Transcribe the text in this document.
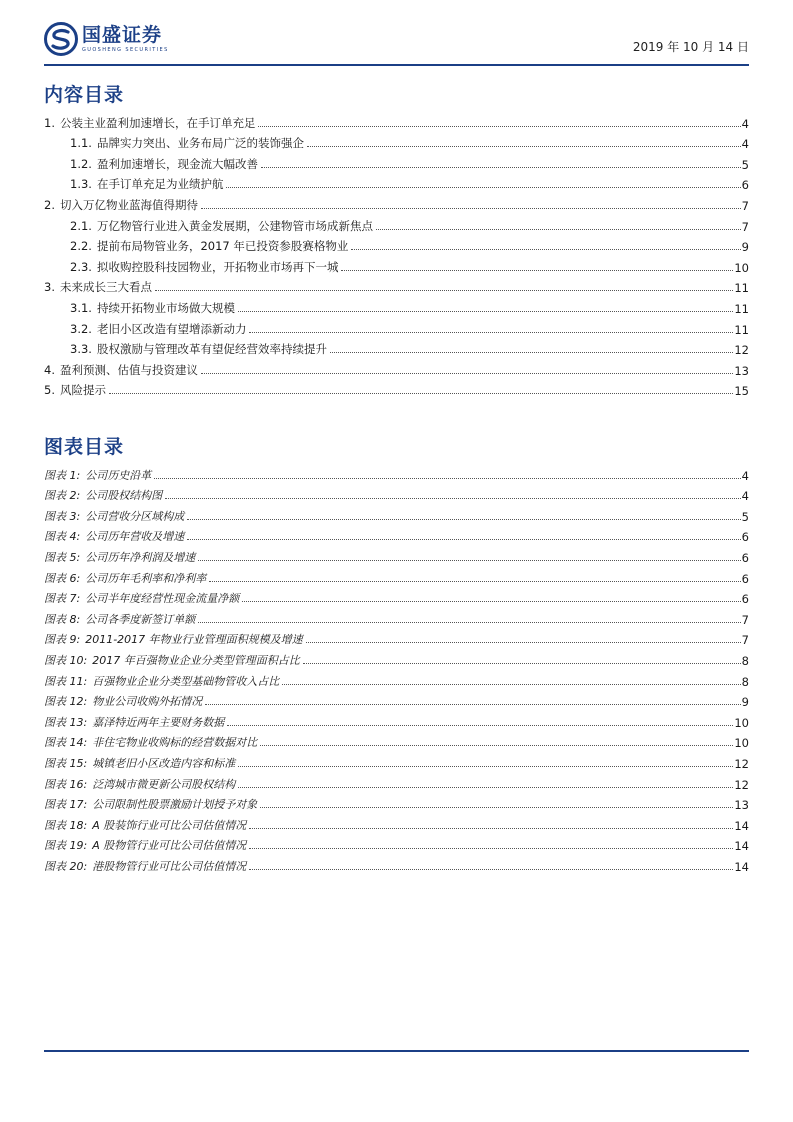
国盛证券
GUOSHENG SECURITIES	2019 年 10 月 14 日
内容目录
1. 公装主业盈利加速增长，在手订单充足	4
1.1. 品牌实力突出、业务布局广泛的装饰强企	4
1.2. 盈利加速增长，现金流大幅改善	5
1.3. 在手订单充足为业绩护航	6
2. 切入万亿物业蓝海值得期待	7
2.1. 万亿物管行业进入黄金发展期，公建物管市场成新焦点	7
2.2. 提前布局物管业务，2017 年已投资参股赛格物业	9
2.3. 拟收购控股科技园物业，开拓物业市场再下一城	10
3. 未来成长三大看点	11
3.1. 持续开拓物业市场做大规模	11
3.2. 老旧小区改造有望增添新动力	11
3.3. 股权激励与管理改革有望促经营效率持续提升	12
4. 盈利预测、估值与投资建议	13
5. 风险提示	15
图表目录
图表 1: 公司历史沿革	4
图表 2: 公司股权结构图	4
图表 3: 公司营收分区域构成	5
图表 4: 公司历年营收及增速	6
图表 5: 公司历年净利润及增速	6
图表 6: 公司历年毛利率和净利率	6
图表 7: 公司半年度经营性现金流量净额	6
图表 8: 公司各季度新签订单额	7
图表 9: 2011-2017 年物业行业管理面积规模及增速	7
图表 10: 2017 年百强物业企业分类型管理面积占比	8
图表 11: 百强物业企业分类型基础物管收入占比	8
图表 12: 物业公司收购外拓情况	9
图表 13: 嘉泽特近两年主要财务数据	10
图表 14: 非住宅物业收购标的经营数据对比	10
图表 15: 城镇老旧小区改造内容和标准	12
图表 16: 泛湾城市微更新公司股权结构	12
图表 17: 公司限制性股票激励计划授予对象	13
图表 18: A 股装饰行业可比公司估值情况	14
图表 19: A 股物管行业可比公司估值情况	14
图表 20: 港股物管行业可比公司估值情况	14
